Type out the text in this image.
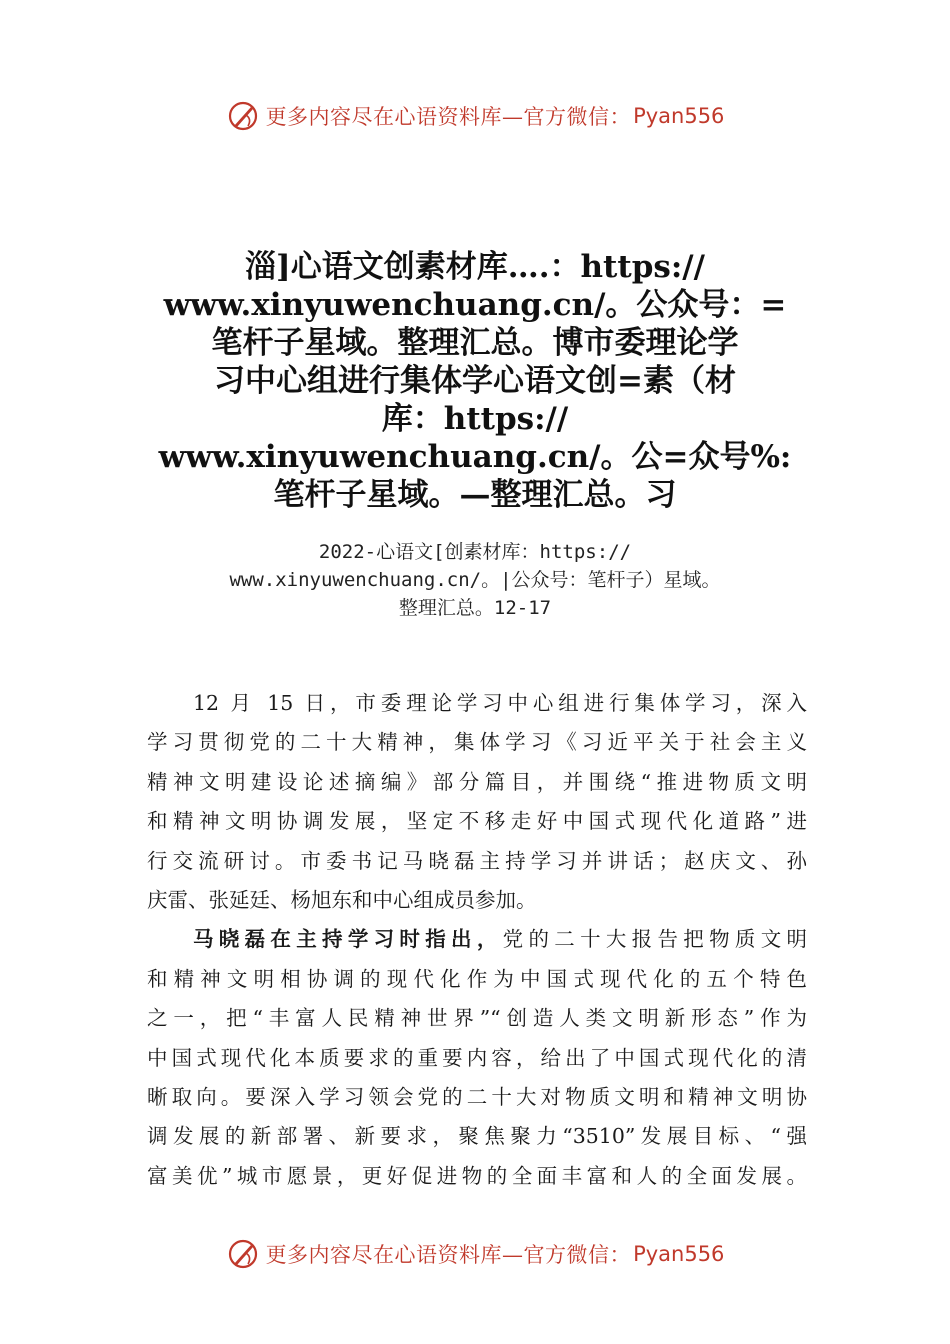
更多内容尽在心语资料库—官方微信： Pyan556
淄]心语文创素材库….：https://
www.xinyuwenchuang.cn/。公众号：=
笔杆子星域。整理汇总。博市委理论学
习中心组进行集体学心语文创=素（材
库：https://
www.xinyuwenchuang.cn/。公=众号%:
笔杆子星域。—整理汇总。习
2022-心语文[创素材库：https://
www.xinyuwenchuang.cn/。|公众号：笔杆子）星域。
整理汇总。12-17
12 月 15 日，市委理论学习中心组进行集体学习，深入
学习贯彻党的二十大精神，集体学习《习近平关于社会主义
精神文明建设论述摘编》部分篇目，并围绕“推进物质文明
和精神文明协调发展，坚定不移走好中国式现代化道路”进
行交流研讨。市委书记马晓磊主持学习并讲话；赵庆文、孙
庆雷、张延廷、杨旭东和中心组成员参加。
马晓磊在主持学习时指出，党的二十大报告把物质文明
和精神文明相协调的现代化作为中国式现代化的五个特色
之一，把“丰富人民精神世界”“创造人类文明新形态”作为
中国式现代化本质要求的重要内容，给出了中国式现代化的清
晰取向。要深入学习领会党的二十大对物质文明和精神文明协
调发展的新部署、新要求，聚焦聚力“3510”发展目标、“强
富美优”城市愿景，更好促进物的全面丰富和人的全面发展。
更多内容尽在心语资料库—官方微信： Pyan556
